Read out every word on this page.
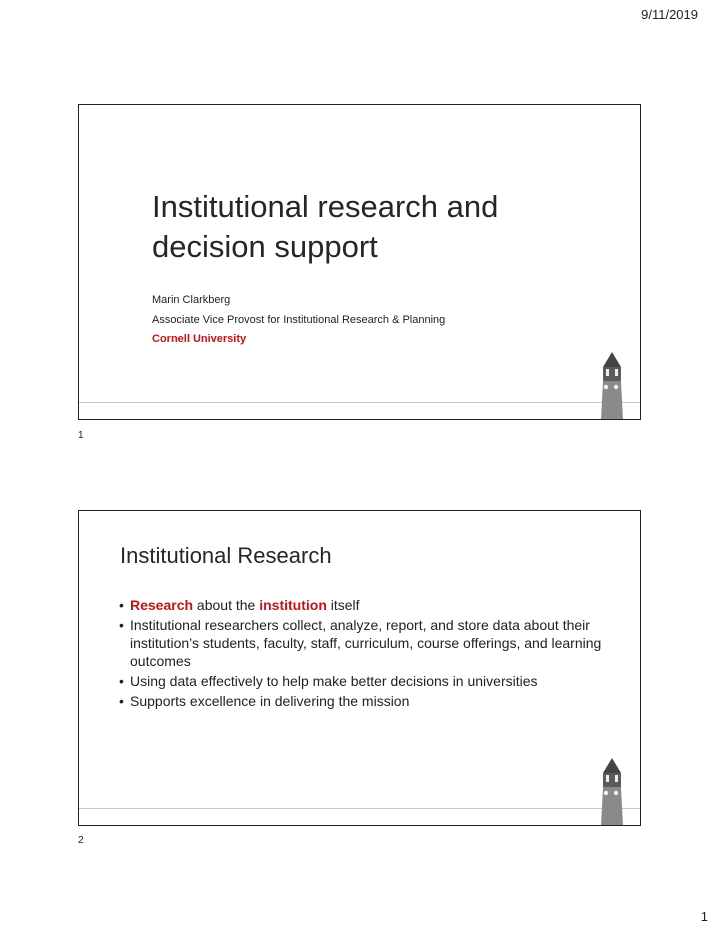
9/11/2019
Institutional research and
decision support
Marin Clarkberg
Associate Vice Provost for Institutional Research & Planning
Cornell University
1
Institutional Research
• Research about the institution itself
• Institutional researchers collect, analyze, report, and store data about their institution’s students, faculty, staff, curriculum, course offerings, and learning outcomes
• Using data effectively to help make better decisions in universities
• Supports excellence in delivering the mission
2
1
